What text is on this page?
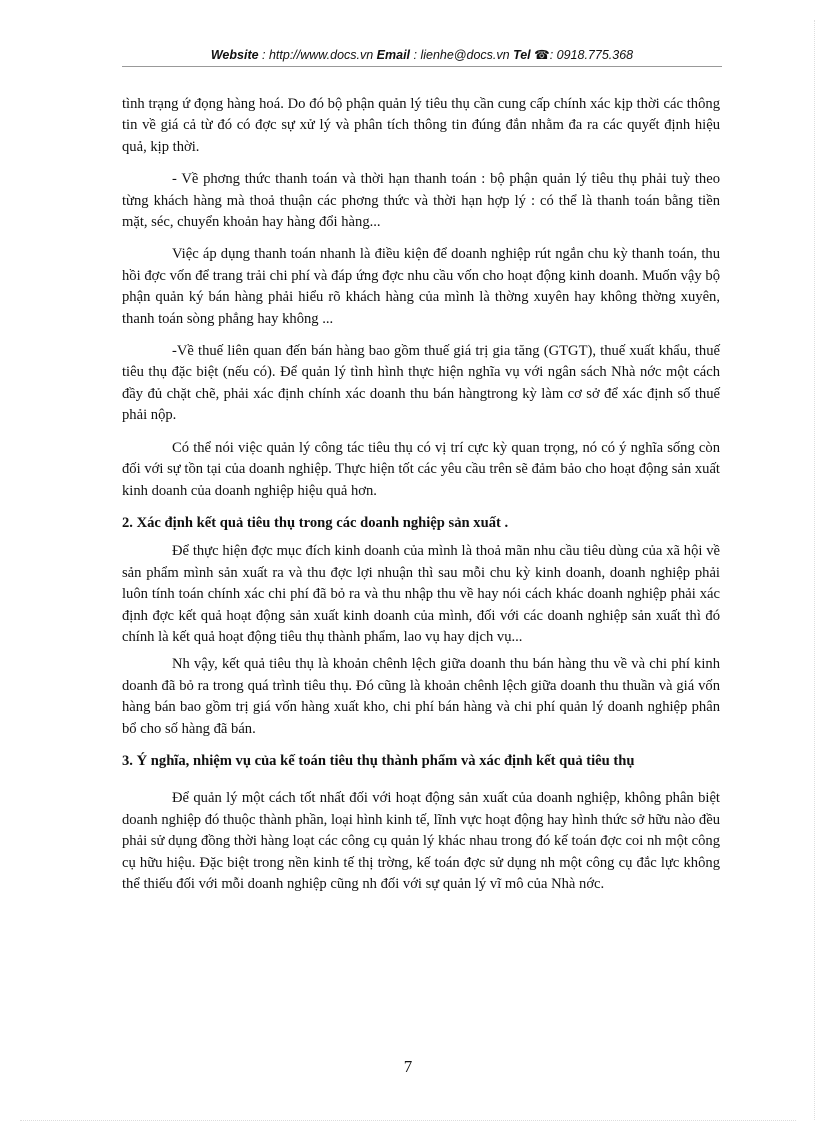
Website : http://www.docs.vn Email : lienhe@docs.vn Tel ☎: 0918.775.368

tình trạng ứ đọng hàng hoá. Do đó bộ phận quản lý tiêu thụ cần cung cấp chính xác kịp thời các thông tin về giá cả từ đó có đợc sự xử lý và phân tích thông tin đúng đắn nhằm đa ra các quyết định hiệu quả, kịp thời.

- Về phơng thức thanh toán và thời hạn thanh toán : bộ phận quản lý tiêu thụ phải tuỳ theo từng khách hàng mà thoả thuận các phơng thức và thời hạn hợp lý : có thể là thanh toán bằng tiền mặt, séc, chuyển khoản hay hàng đổi hàng...

Việc áp dụng thanh toán nhanh là điều kiện để doanh nghiệp rút ngắn chu kỳ thanh toán, thu hồi đợc vốn để trang trải chi phí và đáp ứng đợc nhu cầu vốn cho hoạt động kinh doanh. Muốn vậy bộ phận quản ký bán hàng phải hiểu rõ khách hàng của mình là thờng xuyên hay không thờng xuyên, thanh toán sòng phẳng hay không ...

-Về thuế liên quan đến bán hàng bao gồm thuế giá trị gia tăng (GTGT), thuế xuất khẩu, thuế tiêu thụ đặc biệt (nếu có). Để quản lý tình hình thực hiện nghĩa vụ với ngân sách Nhà nớc một cách đầy đủ chặt chẽ, phải xác định chính xác doanh thu bán hàngtrong kỳ làm cơ sở để xác định số thuế phải nộp.

Có thể nói việc quản lý công tác tiêu thụ có vị trí cực kỳ quan trọng, nó có ý nghĩa sống còn đối với sự tồn tại của doanh nghiệp. Thực hiện tốt các yêu cầu trên sẽ đảm bảo cho hoạt động sản xuất kinh doanh của doanh nghiệp hiệu quả hơn.

2. Xác định kết quả tiêu thụ trong các doanh nghiệp sản xuất .

Để thực hiện đợc mục đích kinh doanh của mình là thoả mãn nhu cầu tiêu dùng của xã hội về sản phẩm mình sản xuất ra và thu đợc lợi nhuận thì sau mỗi chu kỳ kinh doanh, doanh nghiệp phải luôn tính toán chính xác chi phí đã bỏ ra và thu nhập thu về hay nói cách khác doanh nghiệp phải xác định đợc kết quả hoạt động sản xuất kinh doanh của mình, đối với các doanh nghiệp sản xuất thì đó chính là kết quả hoạt động tiêu thụ thành phẩm, lao vụ hay dịch vụ...

Nh vậy, kết quả tiêu thụ là khoản chênh lệch giữa doanh thu bán hàng thu về và chi phí kinh doanh đã bỏ ra trong quá trình tiêu thụ. Đó cũng là khoản chênh lệch giữa doanh thu thuần và giá vốn hàng bán bao gồm trị giá vốn hàng xuất kho, chi phí bán hàng và chi phí quản lý doanh nghiệp phân bổ cho số hàng đã bán.

3. Ý nghĩa, nhiệm vụ của kế toán tiêu thụ thành phẩm và xác định kết quả tiêu thụ

Để quản lý một cách tốt nhất đối với hoạt động sản xuất của doanh nghiệp, không phân biệt doanh nghiệp đó thuộc thành phần, loại hình kinh tế, lĩnh vực hoạt động hay hình thức sở hữu nào đều phải sử dụng đồng thời hàng loạt các công cụ quản lý khác nhau trong đó kế toán đợc coi nh một công cụ hữu hiệu. Đặc biệt trong nền kinh tế thị trờng, kế toán đợc sử dụng nh một công cụ đắc lực không thể thiếu đối với mỗi doanh nghiệp cũng nh đối với sự quản lý vĩ mô của Nhà nớc.

7
